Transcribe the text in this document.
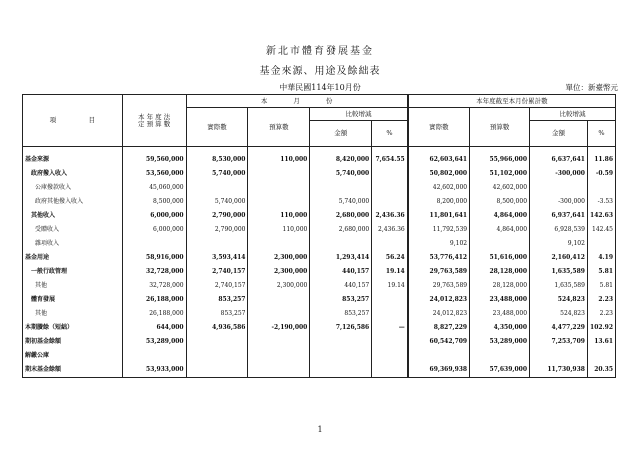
新北市體育發展基金
基金來源、用途及餘絀表
中華民國114年10月份	單位：新臺幣元
項　　　　　目	本 年 度 法
定 預 算 數	本　　　　月　　　　份				本年度截至本月份累計數			
		實際數	預算數	比較增減		實際數	預算數	比較增減	
				金額	%			金額	%

基金來源	59,560,000	8,530,000	110,000	8,420,000	7,654.55	62,603,641	55,966,000	6,637,641	11.86
政府撥入收入	53,560,000	5,740,000		5,740,000		50,802,000	51,102,000	-300,000	-0.59
公庫撥款收入	45,060,000					42,602,000	42,602,000		
政府其他撥入收入	8,500,000	5,740,000		5,740,000		8,200,000	8,500,000	-300,000	-3.53
其他收入	6,000,000	2,790,000	110,000	2,680,000	2,436.36	11,801,641	4,864,000	6,937,641	142.63
受贈收入	6,000,000	2,790,000	110,000	2,680,000	2,436.36	11,792,539	4,864,000	6,928,539	142.45
雜項收入						9,102		9,102	
基金用途	58,916,000	3,593,414	2,300,000	1,293,414	56.24	53,776,412	51,616,000	2,160,412	4.19
一般行政管理	32,728,000	2,740,157	2,300,000	440,157	19.14	29,763,589	28,128,000	1,635,589	5.81
其他	32,728,000	2,740,157	2,300,000	440,157	19.14	29,763,589	28,128,000	1,635,589	5.81
體育發展	26,188,000	853,257		853,257		24,012,823	23,488,000	524,823	2.23
其他	26,188,000	853,257		853,257		24,012,823	23,488,000	524,823	2.23
本期賸餘（短絀）	644,000	4,936,586	-2,190,000	7,126,586	—	8,827,229	4,350,000	4,477,229	102.92
期初基金餘額	53,289,000					60,542,709	53,289,000	7,253,709	13.61
解繳公庫									
期末基金餘額	53,933,000					69,369,938	57,639,000	11,730,938	20.35
1
